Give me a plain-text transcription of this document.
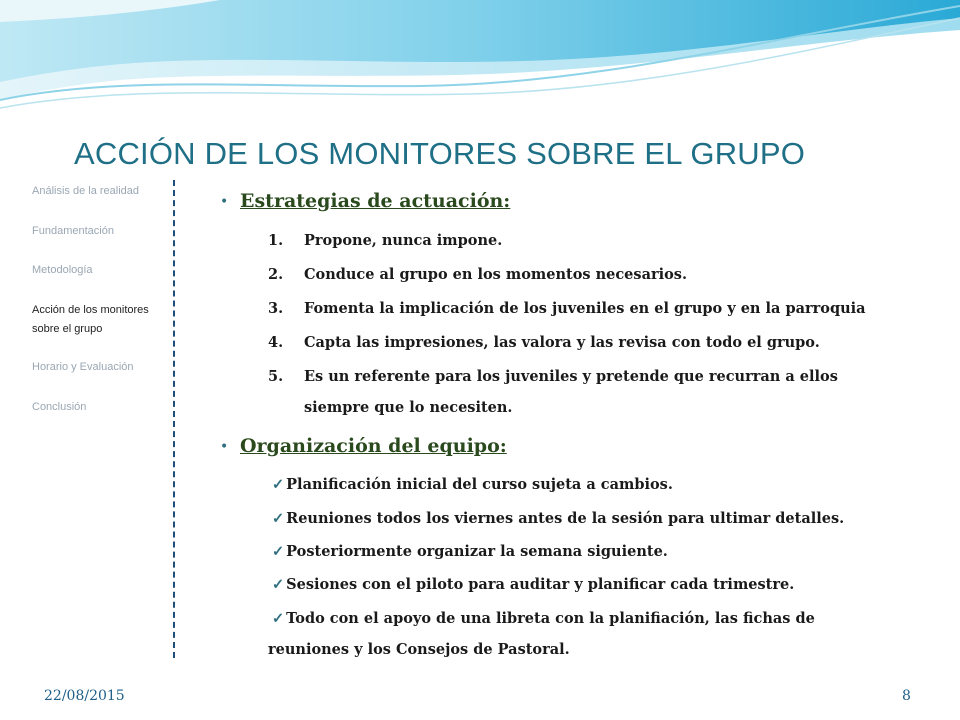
ACCIÓN DE LOS MONITORES SOBRE EL GRUPO
Análisis de la realidad
Fundamentación
Metodología
Acción de los monitores
sobre el grupo
Horario y Evaluación
Conclusión
• Estrategias de actuación:
1. Propone, nunca impone.
2. Conduce al grupo en los momentos necesarios.
3. Fomenta la implicación de los juveniles en el grupo y en la parroquia
4. Capta las impresiones, las valora y las revisa con todo el grupo.
5. Es un referente para los juveniles y pretende que recurran a ellos
siempre que lo necesiten.
• Organización del equipo:
✓ Planificación inicial del curso sujeta a cambios.
✓ Reuniones todos los viernes antes de la sesión para ultimar detalles.
✓ Posteriormente organizar la semana siguiente.
✓ Sesiones con el piloto para auditar y planificar cada trimestre.
✓ Todo con el apoyo de una libreta con la planifiación, las fichas de
reuniones y los Consejos de Pastoral.
22/08/2015	8
